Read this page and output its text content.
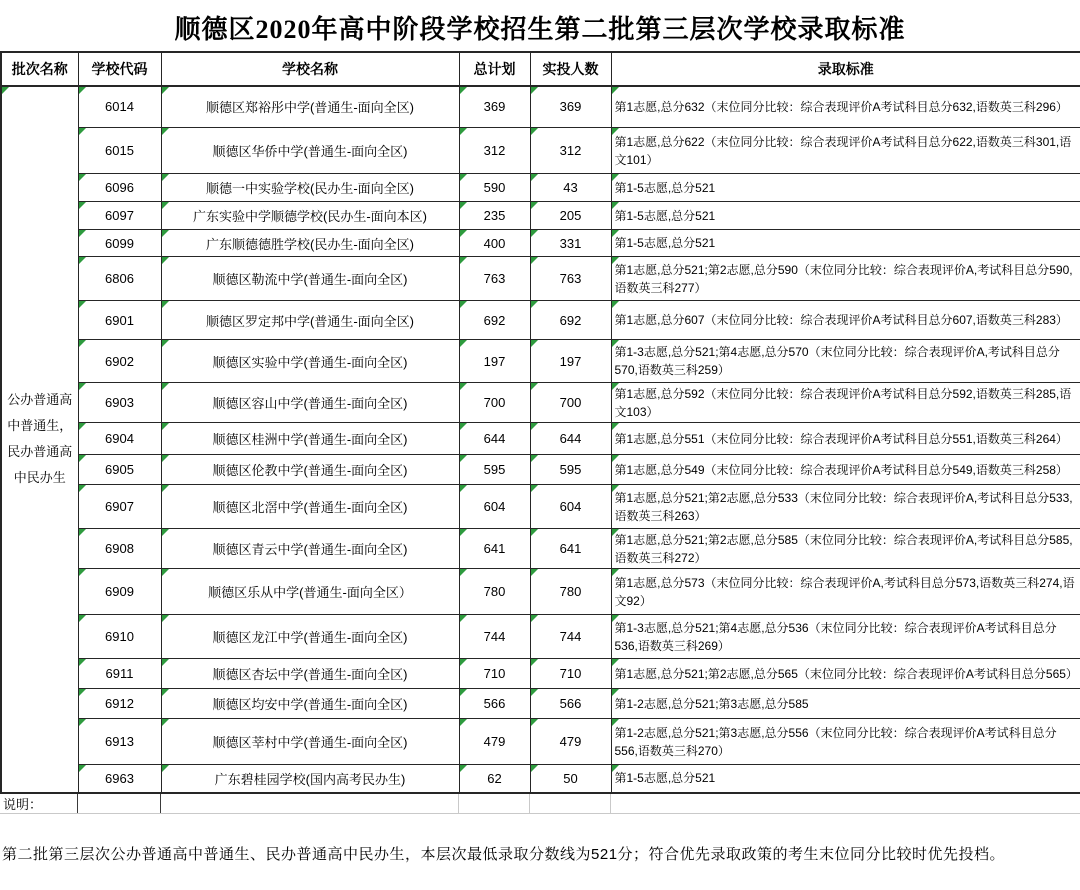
顺德区2020年高中阶段学校招生第二批第三层次学校录取标准
批次名称	学校代码	学校名称	总计划	实投人数	录取标准

公办普通高中普通生，民办普通高中民办生	6014	顺德区郑裕彤中学(普通生-面向全区)	369	369	第1志愿,总分632（末位同分比较：综合表现评价A考试科目总分632,语数英三科296）

6015	顺德区华侨中学(普通生-面向全区)	312	312	第1志愿,总分622（末位同分比较：综合表现评价A考试科目总分622,语数英三科301,语文101）

6096	顺德一中实验学校(民办生-面向全区)	590	43	第1-5志愿,总分521

6097	广东实验中学顺德学校(民办生-面向本区)	235	205	第1-5志愿,总分521

6099	广东顺德德胜学校(民办生-面向全区)	400	331	第1-5志愿,总分521

6806	顺德区勒流中学(普通生-面向全区)	763	763	第1志愿,总分521;第2志愿,总分590（末位同分比较：综合表现评价A,考试科目总分590,语数英三科277）

6901	顺德区罗定邦中学(普通生-面向全区)	692	692	第1志愿,总分607（末位同分比较：综合表现评价A考试科目总分607,语数英三科283）

6902	顺德区实验中学(普通生-面向全区)	197	197	第1-3志愿,总分521;第4志愿,总分570（末位同分比较：综合表现评价A,考试科目总分570,语数英三科259）

6903	顺德区容山中学(普通生-面向全区)	700	700	第1志愿,总分592（末位同分比较：综合表现评价A考试科目总分592,语数英三科285,语文103）

6904	顺德区桂洲中学(普通生-面向全区)	644	644	第1志愿,总分551（末位同分比较：综合表现评价A考试科目总分551,语数英三科264）

6905	顺德区伦教中学(普通生-面向全区)	595	595	第1志愿,总分549（末位同分比较：综合表现评价A考试科目总分549,语数英三科258）

6907	顺德区北滘中学(普通生-面向全区)	604	604	第1志愿,总分521;第2志愿,总分533（末位同分比较：综合表现评价A,考试科目总分533,语数英三科263）

6908	顺德区青云中学(普通生-面向全区)	641	641	第1志愿,总分521;第2志愿,总分585（末位同分比较：综合表现评价A,考试科目总分585,语数英三科272）

6909	顺德区乐从中学(普通生-面向全区）	780	780	第1志愿,总分573（末位同分比较：综合表现评价A,考试科目总分573,语数英三科274,语文92）

6910	顺德区龙江中学(普通生-面向全区)	744	744	第1-3志愿,总分521;第4志愿,总分536（末位同分比较：综合表现评价A考试科目总分536,语数英三科269）

6911	顺德区杏坛中学(普通生-面向全区)	710	710	第1志愿,总分521;第2志愿,总分565（末位同分比较：综合表现评价A考试科目总分565）

6912	顺德区均安中学(普通生-面向全区)	566	566	第1-2志愿,总分521;第3志愿,总分585

6913	顺德区莘村中学(普通生-面向全区)	479	479	第1-2志愿,总分521;第3志愿,总分556（末位同分比较：综合表现评价A考试科目总分556,语数英三科270）

6963	广东碧桂园学校(国内高考民办生)	62	50	第1-5志愿,总分521
说明：					

第二批第三层次公办普通高中普通生、民办普通高中民办生，本层次最低录取分数线为521分；符合优先录取政策的考生末位同分比较时优先投档。
